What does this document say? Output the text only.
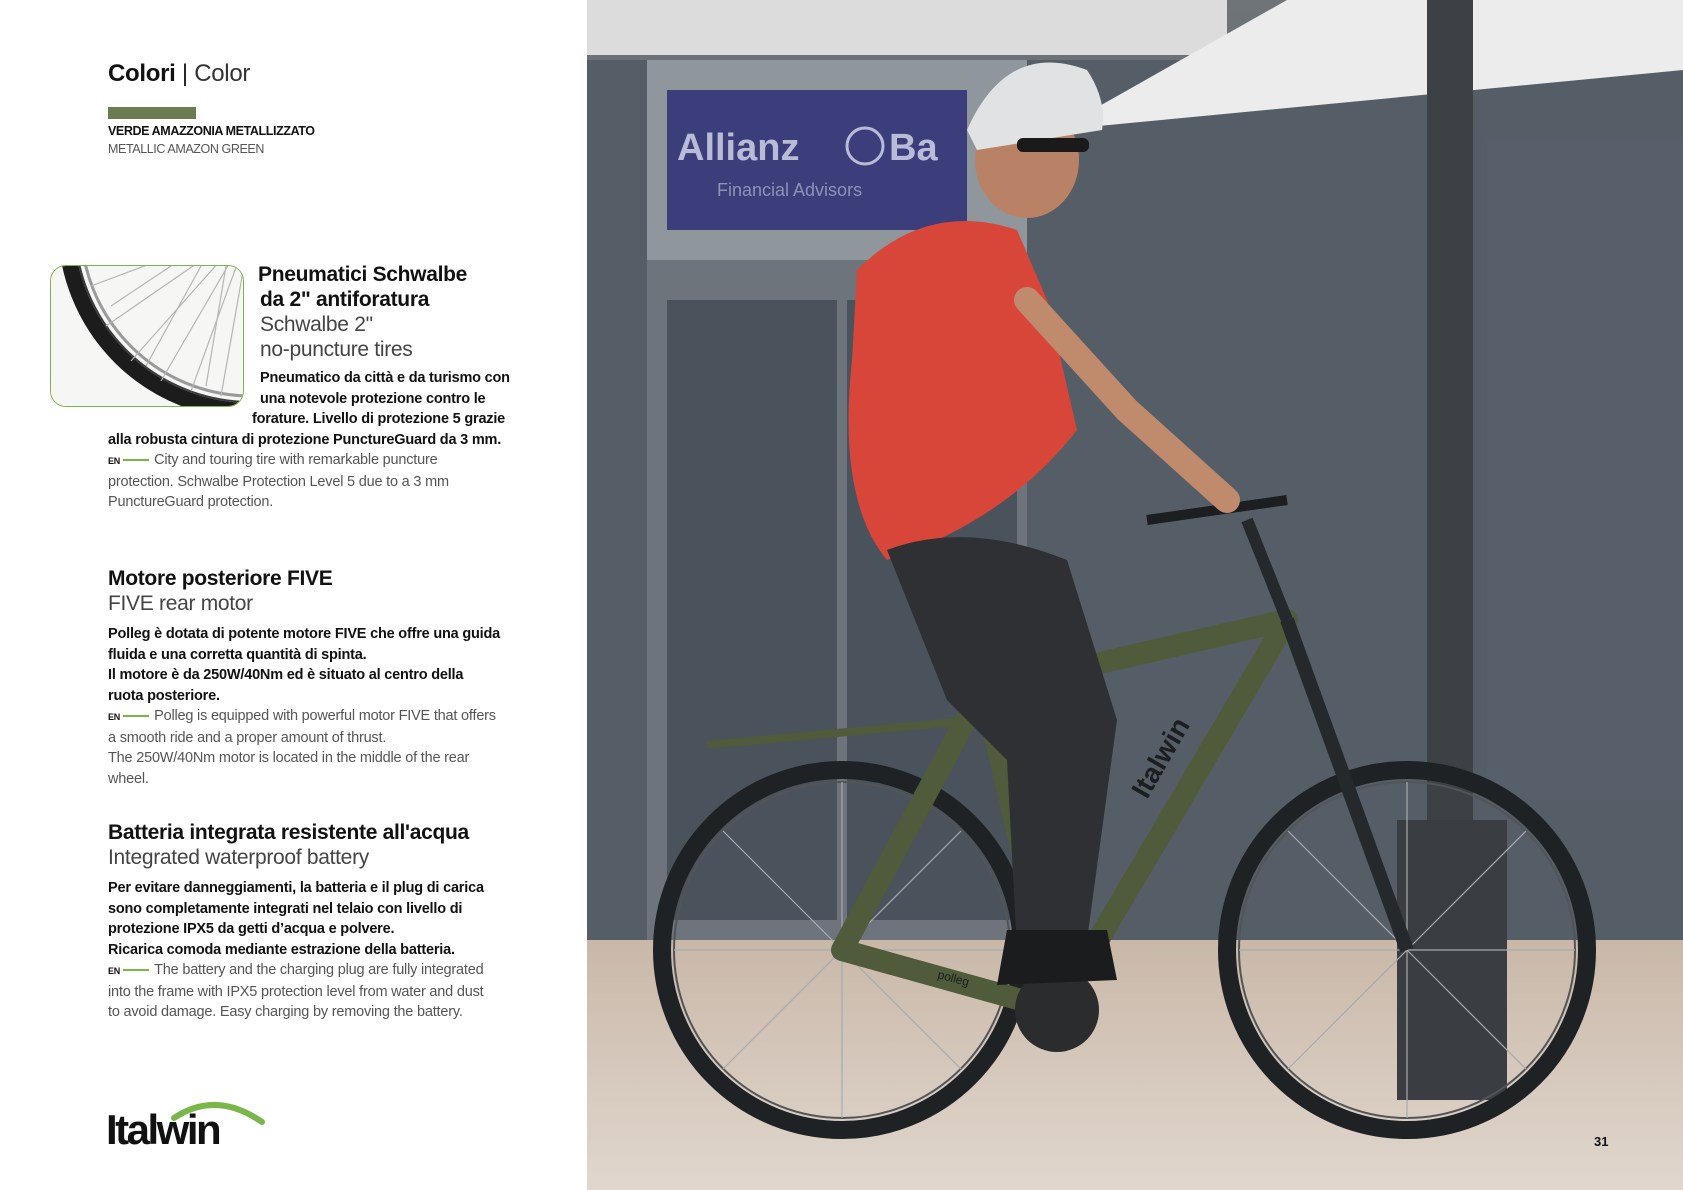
Colori | Color
VERDE AMAZZONIA METALLIZZATO
METALLIC AMAZON GREEN
Pneumatici Schwalbe
da 2" antiforatura
Schwalbe 2"
no-puncture tires
Pneumatico da città e da turismo con
una notevole protezione contro le
forature. Livello di protezione 5 grazie
alla robusta cintura di protezione PunctureGuard da 3 mm.
EN City and touring tire with remarkable puncture
protection. Schwalbe Protection Level 5 due to a 3 mm
PunctureGuard protection.
Motore posteriore FIVE
FIVE rear motor
Polleg è dotata di potente motore FIVE che offre una guida
fluida e una corretta quantità di spinta.
Il motore è da 250W/40Nm ed è situato al centro della
ruota posteriore.
EN Polleg is equipped with powerful motor FIVE that offers
a smooth ride and a proper amount of thrust.
The 250W/40Nm motor is located in the middle of the rear
wheel.
Batteria integrata resistente all'acqua
Integrated waterproof battery
Per evitare danneggiamenti, la batteria e il plug di carica
sono completamente integrati nel telaio con livello di
protezione IPX5 da getti d’acqua e polvere.
Ricarica comoda mediante estrazione della batteria.
EN The battery and the charging plug are fully integrated
into the frame with IPX5 protection level from water and dust
to avoid damage. Easy charging by removing the battery.
Italwin
Allianz Ba
Financial Advisors
Italwin
polleg
31
